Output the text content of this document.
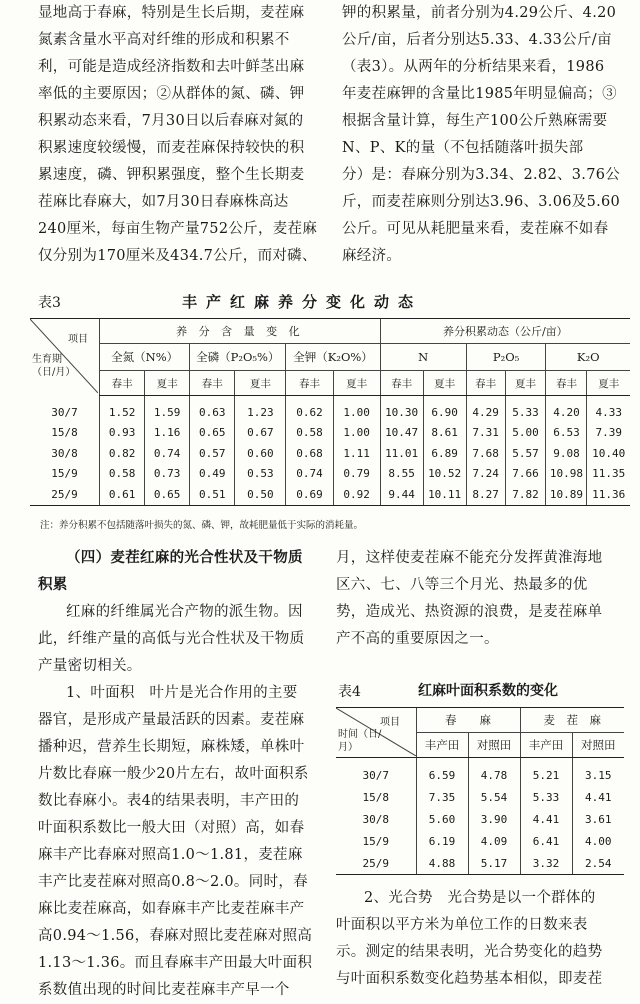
显地高于春麻，特别是生长后期，麦茬麻

氮素含量水平高对纤维的形成和积累不

利，可能是造成经济指数和去叶鲜茎出麻

率低的主要原因；②从群体的氮、磷、钾

积累动态来看，7月30日以后春麻对氮的

积累速度较缓慢，而麦茬麻保持较快的积

累速度，磷、钾积累强度，整个生长期麦

茬麻比春麻大，如7月30日春麻株高达

240厘米，每亩生物产量752公斤，麦茬麻

仅分别为170厘米及434.7公斤，而对磷、

钾的积累量，前者分别为4.29公斤、4.20

公斤/亩，后者分别达5.33、4.33公斤/亩

（表3）。从两年的分析结果来看，1986

年麦茬麻钾的含量比1985年明显偏高；③

根据含量计算，每生产100公斤熟麻需要

N、P、K的量（不包括随落叶损失部

分）是：春麻分别为3.34、2.82、3.76公

斤，而麦茬麻则分别达3.96、3.06及5.60

公斤。可见从耗肥量来看，麦茬麻不如春

麻经济。

表3	丰产红麻养分变化动态
项目
生育期（日/月）	养 分 含 量 变 化						养分积累动态（公斤/亩）					
	全氮（N%）		全磷（P₂O₅%）		全钾（K₂O%）		N		P₂O₅		K₂O	
	春丰	夏丰	春丰	夏丰	春丰	夏丰	春丰	夏丰	春丰	夏丰	春丰	夏丰
30/7	1.52	1.59	0.63	1.23	0.62	1.00	10.30	6.90	4.29	5.33	4.20	4.33
15/8	0.93	1.16	0.65	0.67	0.58	1.00	10.47	8.61	7.31	5.00	6.53	7.39
30/8	0.82	0.74	0.57	0.60	0.68	1.11	11.01	6.89	7.68	5.57	9.08	10.40
15/9	0.58	0.73	0.49	0.53	0.74	0.79	8.55	10.52	7.24	7.66	10.98	11.35
25/9	0.61	0.65	0.51	0.50	0.69	0.92	9.44	10.11	8.27	7.82	10.89	11.36
注：养分积累不包括随落叶损失的氮、磷、钾，故耗肥量低于实际的消耗量。

（四）麦茬红麻的光合性状及干物质

积累

红麻的纤维属光合产物的派生物。因

此，纤维产量的高低与光合性状及干物质

产量密切相关。

1、叶面积　叶片是光合作用的主要

器官，是形成产量最活跃的因素。麦茬麻

播种迟，营养生长期短，麻株矮，单株叶

片数比春麻一般少20片左右，故叶面积系

数比春麻小。表4的结果表明，丰产田的

叶面积系数比一般大田（对照）高，如春

麻丰产比春麻对照高1.0～1.81，麦茬麻

丰产比麦茬麻对照高0.8～2.0。同时，春

麻比麦茬麻高，如春麻丰产比麦茬麻丰产

高0.94～1.56，春麻对照比麦茬麻对照高

1.13～1.36。而且春麻丰产田最大叶面积

系数值出现的时间比麦茬麻丰产早一个

月，这样使麦茬麻不能充分发挥黄淮海地

区六、七、八等三个月光、热最多的优

势，造成光、热资源的浪费，是麦茬麻单

产不高的重要原因之一。

表4	红麻叶面积系数的变化
项目
时间（日/月）	春　　麻		麦　茬　麻	
	丰产田	对照田	丰产田	对照田
30/7	6.59	4.78	5.21	3.15
15/8	7.35	5.54	5.33	4.41
30/8	5.60	3.90	4.41	3.61
15/9	6.19	4.09	6.41	4.00
25/9	4.88	5.17	3.32	2.54

2、光合势　光合势是以一个群体的

叶面积以平方米为单位工作的日数来表

示。测定的结果表明，光合势变化的趋势

与叶面积系数变化趋势基本相似，即麦茬
